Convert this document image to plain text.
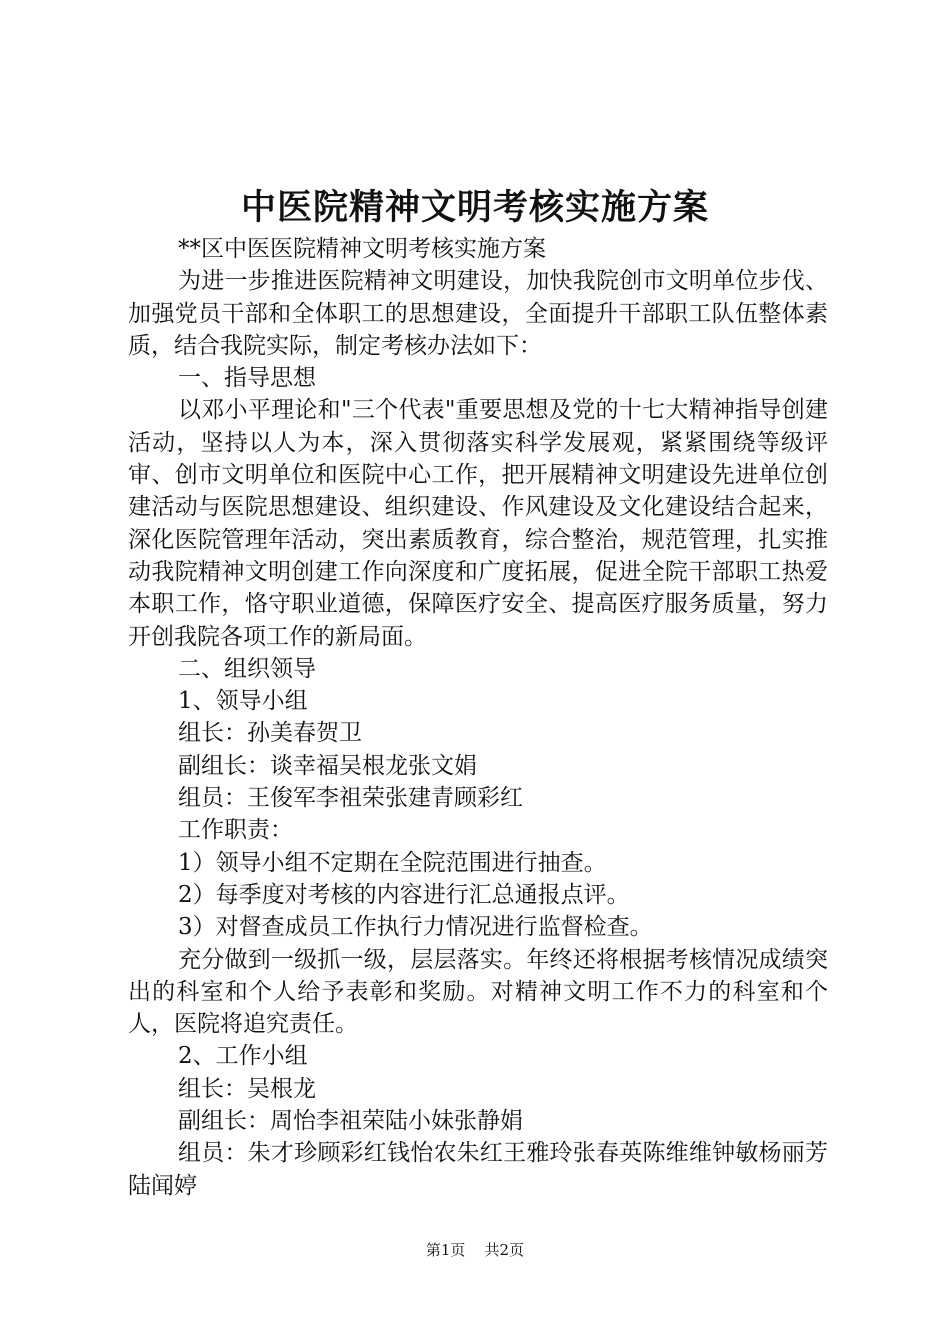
中医院精神文明考核实施方案

**区中医医院精神文明考核实施方案

为进一步推进医院精神文明建设，加快我院创市文明单位步伐、加强党员干部和全体职工的思想建设，全面提升干部职工队伍整体素质，结合我院实际，制定考核办法如下：

一、指导思想

以邓小平理论和"三个代表"重要思想及党的十七大精神指导创建活动，坚持以人为本，深入贯彻落实科学发展观，紧紧围绕等级评审、创市文明单位和医院中心工作，把开展精神文明建设先进单位创建活动与医院思想建设、组织建设、作风建设及文化建设结合起来，深化医院管理年活动，突出素质教育，综合整治，规范管理，扎实推动我院精神文明创建工作向深度和广度拓展，促进全院干部职工热爱本职工作，恪守职业道德，保障医疗安全、提高医疗服务质量，努力开创我院各项工作的新局面。

二、组织领导

1、领导小组

组长：孙美春贺卫

副组长：谈幸福吴根龙张文娟

组员：王俊军李祖荣张建青顾彩红

工作职责：

1）领导小组不定期在全院范围进行抽查。

2）每季度对考核的内容进行汇总通报点评。

3）对督查成员工作执行力情况进行监督检查。

充分做到一级抓一级，层层落实。年终还将根据考核情况成绩突出的科室和个人给予表彰和奖励。对精神文明工作不力的科室和个人，医院将追究责任。

2、工作小组

组长：吴根龙

副组长：周怡李祖荣陆小妹张静娟

组员：朱才珍顾彩红钱怡农朱红王雅玲张春英陈维维钟敏杨丽芳陆闻婷

第1页 共2页
